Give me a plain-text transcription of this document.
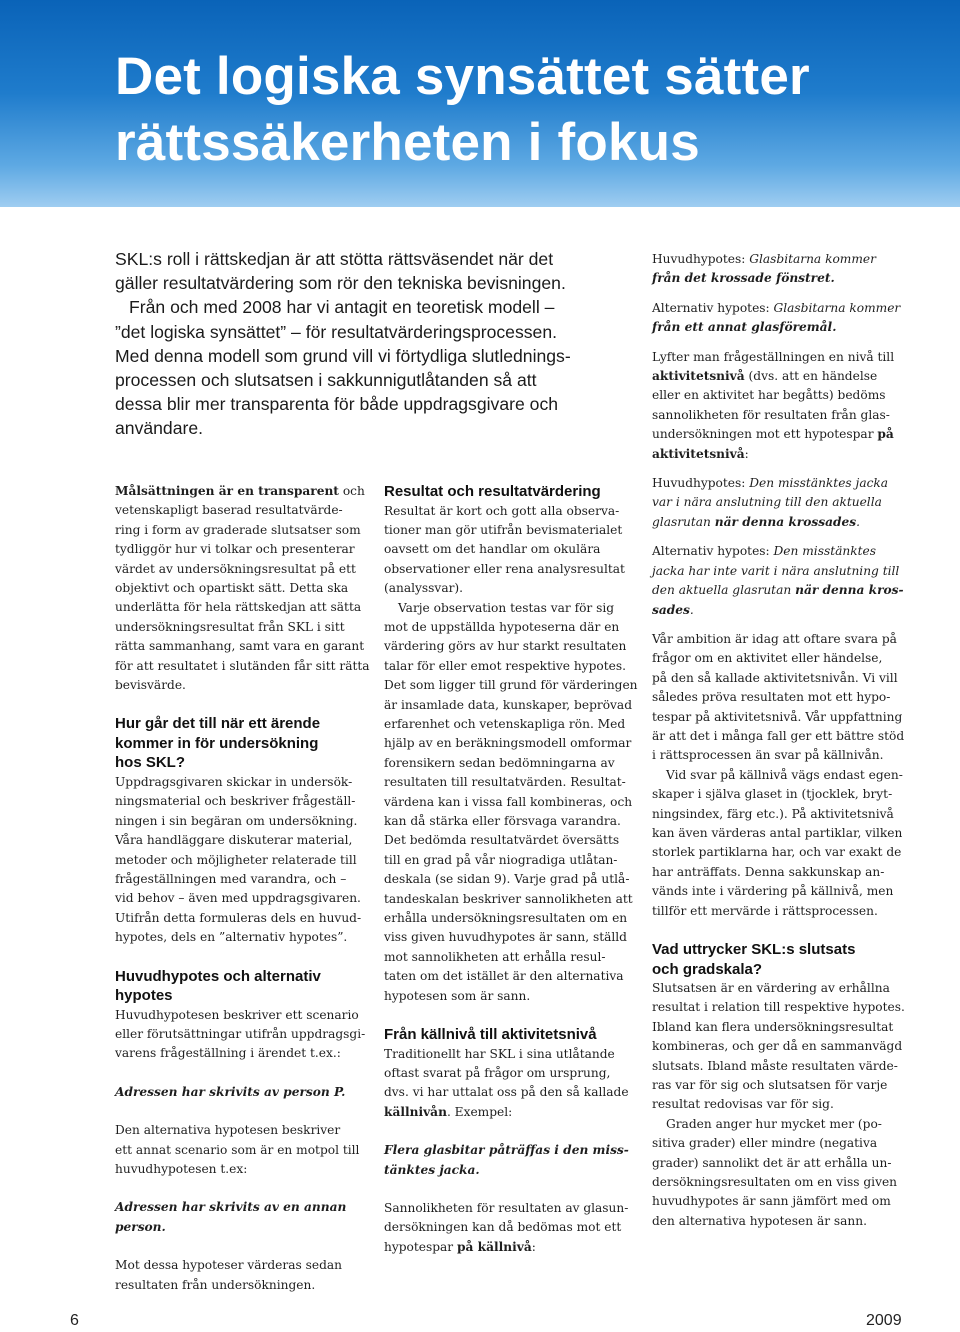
Det logiska synsättet sätter
rättssäkerheten i fokus
SKL:s roll i rättskedjan är att stötta rättsväsendet när det
gäller resultatvärdering som rör den tekniska bevisningen.
Från och med 2008 har vi antagit en teoretisk modell –
”det logiska synsättet” – för resultatvärderingsprocessen.
Med denna modell som grund vill vi förtydliga slutlednings-
processen och slutsatsen i sakkunnigutlåtanden så att
dessa blir mer transparenta för både uppdragsgivare och
användare.
Målsättningen är en transparent och
vetenskapligt baserad resultatvärde-
ring i form av graderade slutsatser som
tydliggör hur vi tolkar och presenterar
värdet av undersökningsresultat på ett
objektivt och opartiskt sätt. Detta ska
underlätta för hela rättskedjan att sätta
undersökningsresultat från SKL i sitt
rätta sammanhang, samt vara en garant
för att resultatet i slutänden får sitt rätta
bevisvärde.
Hur går det till när ett ärende
kommer in för undersökning
hos SKL?
Uppdragsgivaren skickar in undersök-
ningsmaterial och beskriver frågeställ-
ningen i sin begäran om undersökning.
Våra handläggare diskuterar material,
metoder och möjligheter relaterade till
frågeställningen med varandra, och –
vid behov – även med uppdragsgivaren.
Utifrån detta formuleras dels en huvud-
hypotes, dels en ”alternativ hypotes”.
Huvudhypotes och alternativ
hypotes
Huvudhypotesen beskriver ett scenario
eller förutsättningar utifrån uppdragsgi-
varens frågeställning i ärendet t.ex.:
Adressen har skrivits av person P.
Den alternativa hypotesen beskriver
ett annat scenario som är en motpol till
huvudhypotesen t.ex:
Adressen har skrivits av en annan
person.
Mot dessa hypoteser värderas sedan
resultaten från undersökningen.
Resultat och resultatvärdering
Resultat är kort och gott alla observa-
tioner man gör utifrån bevismaterialet
oavsett om det handlar om okulära
observationer eller rena analysresultat
(analyssvar).
Varje observation testas var för sig
mot de uppställda hypoteserna där en
värdering görs av hur starkt resultaten
talar för eller emot respektive hypotes.
Det som ligger till grund för värderingen
är insamlade data, kunskaper, beprövad
erfarenhet och vetenskapliga rön. Med
hjälp av en beräkningsmodell omformar
forensikern sedan bedömningarna av
resultaten till resultatvärden. Resultat-
värdena kan i vissa fall kombineras, och
kan då stärka eller försvaga varandra.
Det bedömda resultatvärdet översätts
till en grad på vår niogradiga utlåtan-
deskala (se sidan 9). Varje grad på utlå-
tandeskalan beskriver sannolikheten att
erhålla undersökningsresultaten om en
viss given huvudhypotes är sann, ställd
mot sannolikheten att erhålla resul-
taten om det istället är den alternativa
hypotesen som är sann.
Från källnivå till aktivitetsnivå
Traditionellt har SKL i sina utlåtande
oftast svarat på frågor om ursprung,
dvs. vi har uttalat oss på den så kallade
källnivån. Exempel:
Flera glasbitar påträffas i den miss-
tänktes jacka.
Sannolikheten för resultaten av glasun-
dersökningen kan då bedömas mot ett
hypotespar på källnivå:
Huvudhypotes: Glasbitarna kommer
från det krossade fönstret.
Alternativ hypotes: Glasbitarna kommer
från ett annat glasföremål.
Lyfter man frågeställningen en nivå till
aktivitetsnivå (dvs. att en händelse
eller en aktivitet har begåtts) bedöms
sannolikheten för resultaten från glas-
undersökningen mot ett hypotespar på
aktivitetsnivå:
Huvudhypotes: Den misstänktes jacka
var i nära anslutning till den aktuella
glasrutan när denna krossades.
Alternativ hypotes: Den misstänktes
jacka har inte varit i nära anslutning till
den aktuella glasrutan när denna kros-
sades.
Vår ambition är idag att oftare svara på
frågor om en aktivitet eller händelse,
på den så kallade aktivitetsnivån. Vi vill
således pröva resultaten mot ett hypo-
tespar på aktivitetsnivå. Vår uppfattning
är att det i många fall ger ett bättre stöd
i rättsprocessen än svar på källnivån.
Vid svar på källnivå vägs endast egen-
skaper i själva glaset in (tjocklek, bryt-
ningsindex, färg etc.). På aktivitetsnivå
kan även värderas antal partiklar, vilken
storlek partiklarna har, och var exakt de
har anträffats. Denna sakkunskap an-
vänds inte i värdering på källnivå, men
tillför ett mervärde i rättsprocessen.
Vad uttrycker SKL:s slutsats
och gradskala?
Slutsatsen är en värdering av erhållna
resultat i relation till respektive hypotes.
Ibland kan flera undersökningsresultat
kombineras, och ger då en sammanvägd
slutsats. Ibland måste resultaten värde-
ras var för sig och slutsatsen för varje
resultat redovisas var för sig.
Graden anger hur mycket mer (po-
sitiva grader) eller mindre (negativa
grader) sannolikt det är att erhålla un-
dersökningsresultaten om en viss given
huvudhypotes är sann jämfört med om
den alternativa hypotesen är sann.
6	2009
